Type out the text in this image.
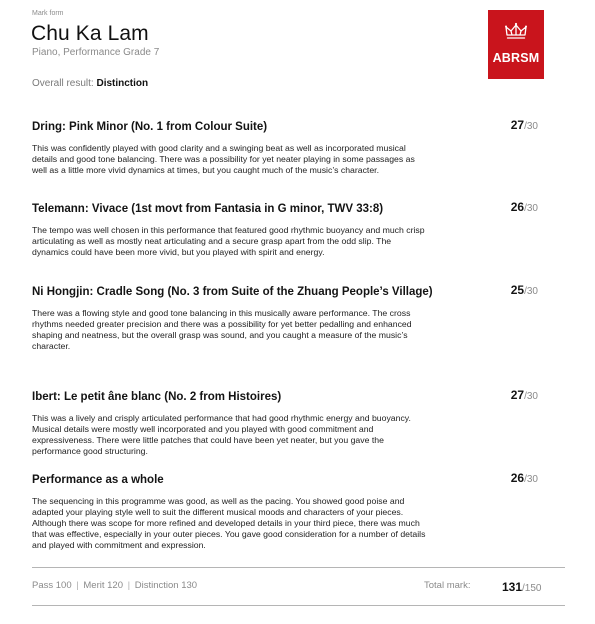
Mark form
Chu Ka Lam
Piano, Performance Grade 7
Overall result: Distinction
ABRSM
Dring: Pink Minor (No. 1 from Colour Suite)	27/30
This was confidently played with good clarity and a swinging beat as well as incorporated musical details and good tone balancing. There was a possibility for yet neater playing in some passages as well as a little more vivid dynamics at times, but you caught much of the music’s character.
Telemann: Vivace (1st movt from Fantasia in G minor, TWV 33:8)	26/30
The tempo was well chosen in this performance that featured good rhythmic buoyancy and much crisp articulating as well as mostly neat articulating and a secure grasp apart from the odd slip. The dynamics could have been more vivid, but you played with spirit and energy.
Ni Hongjin: Cradle Song (No. 3 from Suite of the Zhuang People’s Village)	25/30
There was a flowing style and good tone balancing in this musically aware performance. The cross rhythms needed greater precision and there was a possibility for yet better pedalling and enhanced shaping and neatness, but the overall grasp was sound, and you caught a measure of the music’s character.
Ibert: Le petit âne blanc (No. 2 from Histoires)	27/30
This was a lively and crisply articulated performance that had good rhythmic energy and buoyancy. Musical details were mostly well incorporated and you played with good commitment and expressiveness. There were little patches that could have been yet neater, but you gave the performance good structuring.
Performance as a whole	26/30
The sequencing in this programme was good, as well as the pacing. You showed good poise and adapted your playing style well to suit the different musical moods and characters of your pieces. Although there was scope for more refined and developed details in your third piece, there was much that was effective, especially in your outer pieces. You gave good consideration for a number of details and played with commitment and expression.
Pass 100 | Merit 120 | Distinction 130	Total mark:	131/150
